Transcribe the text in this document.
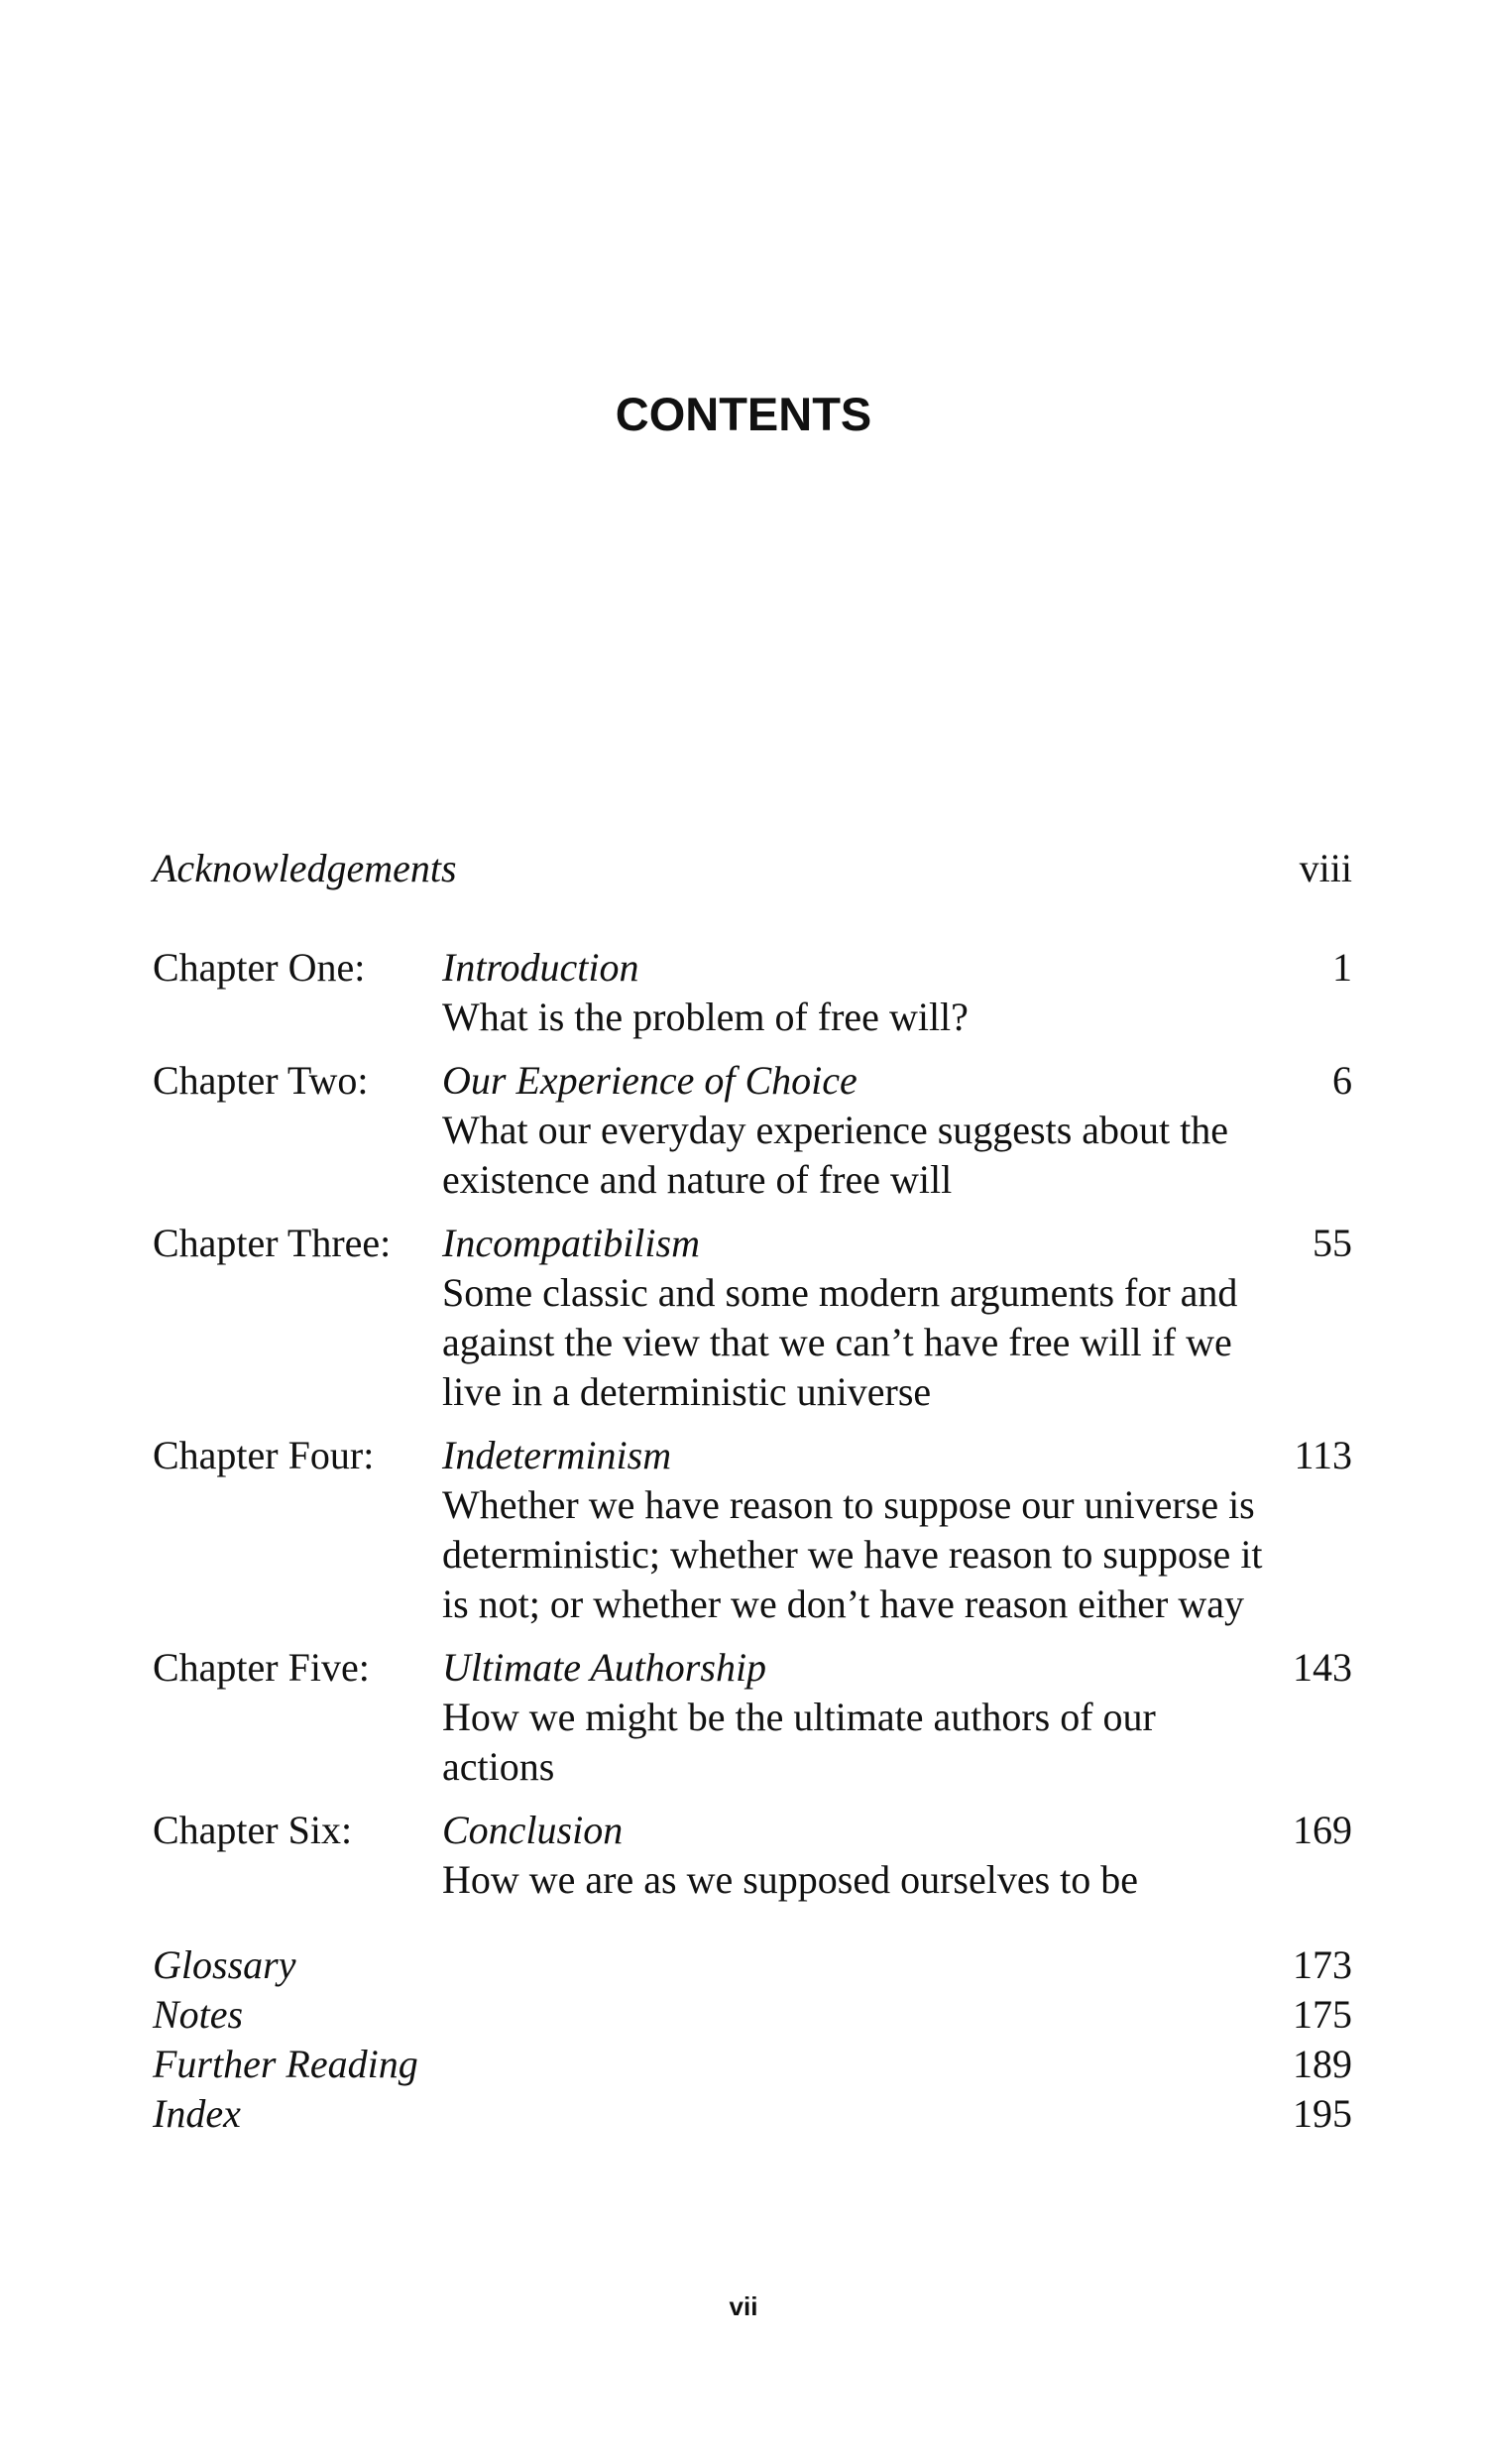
CONTENTS
Acknowledgements	viii
Chapter One:	Introduction	1
What is the problem of free will?
Chapter Two:	Our Experience of Choice	6
What our everyday experience suggests about the existence and nature of free will
Chapter Three:	Incompatibilism	55
Some classic and some modern arguments for and against the view that we can’t have free will if we live in a deterministic universe
Chapter Four:	Indeterminism	113
Whether we have reason to suppose our universe is deterministic; whether we have reason to suppose it is not; or whether we don’t have reason either way
Chapter Five:	Ultimate Authorship	143
How we might be the ultimate authors of our actions
Chapter Six:	Conclusion	169
How we are as we supposed ourselves to be
Glossary	173
Notes	175
Further Reading	189
Index	195
vii
